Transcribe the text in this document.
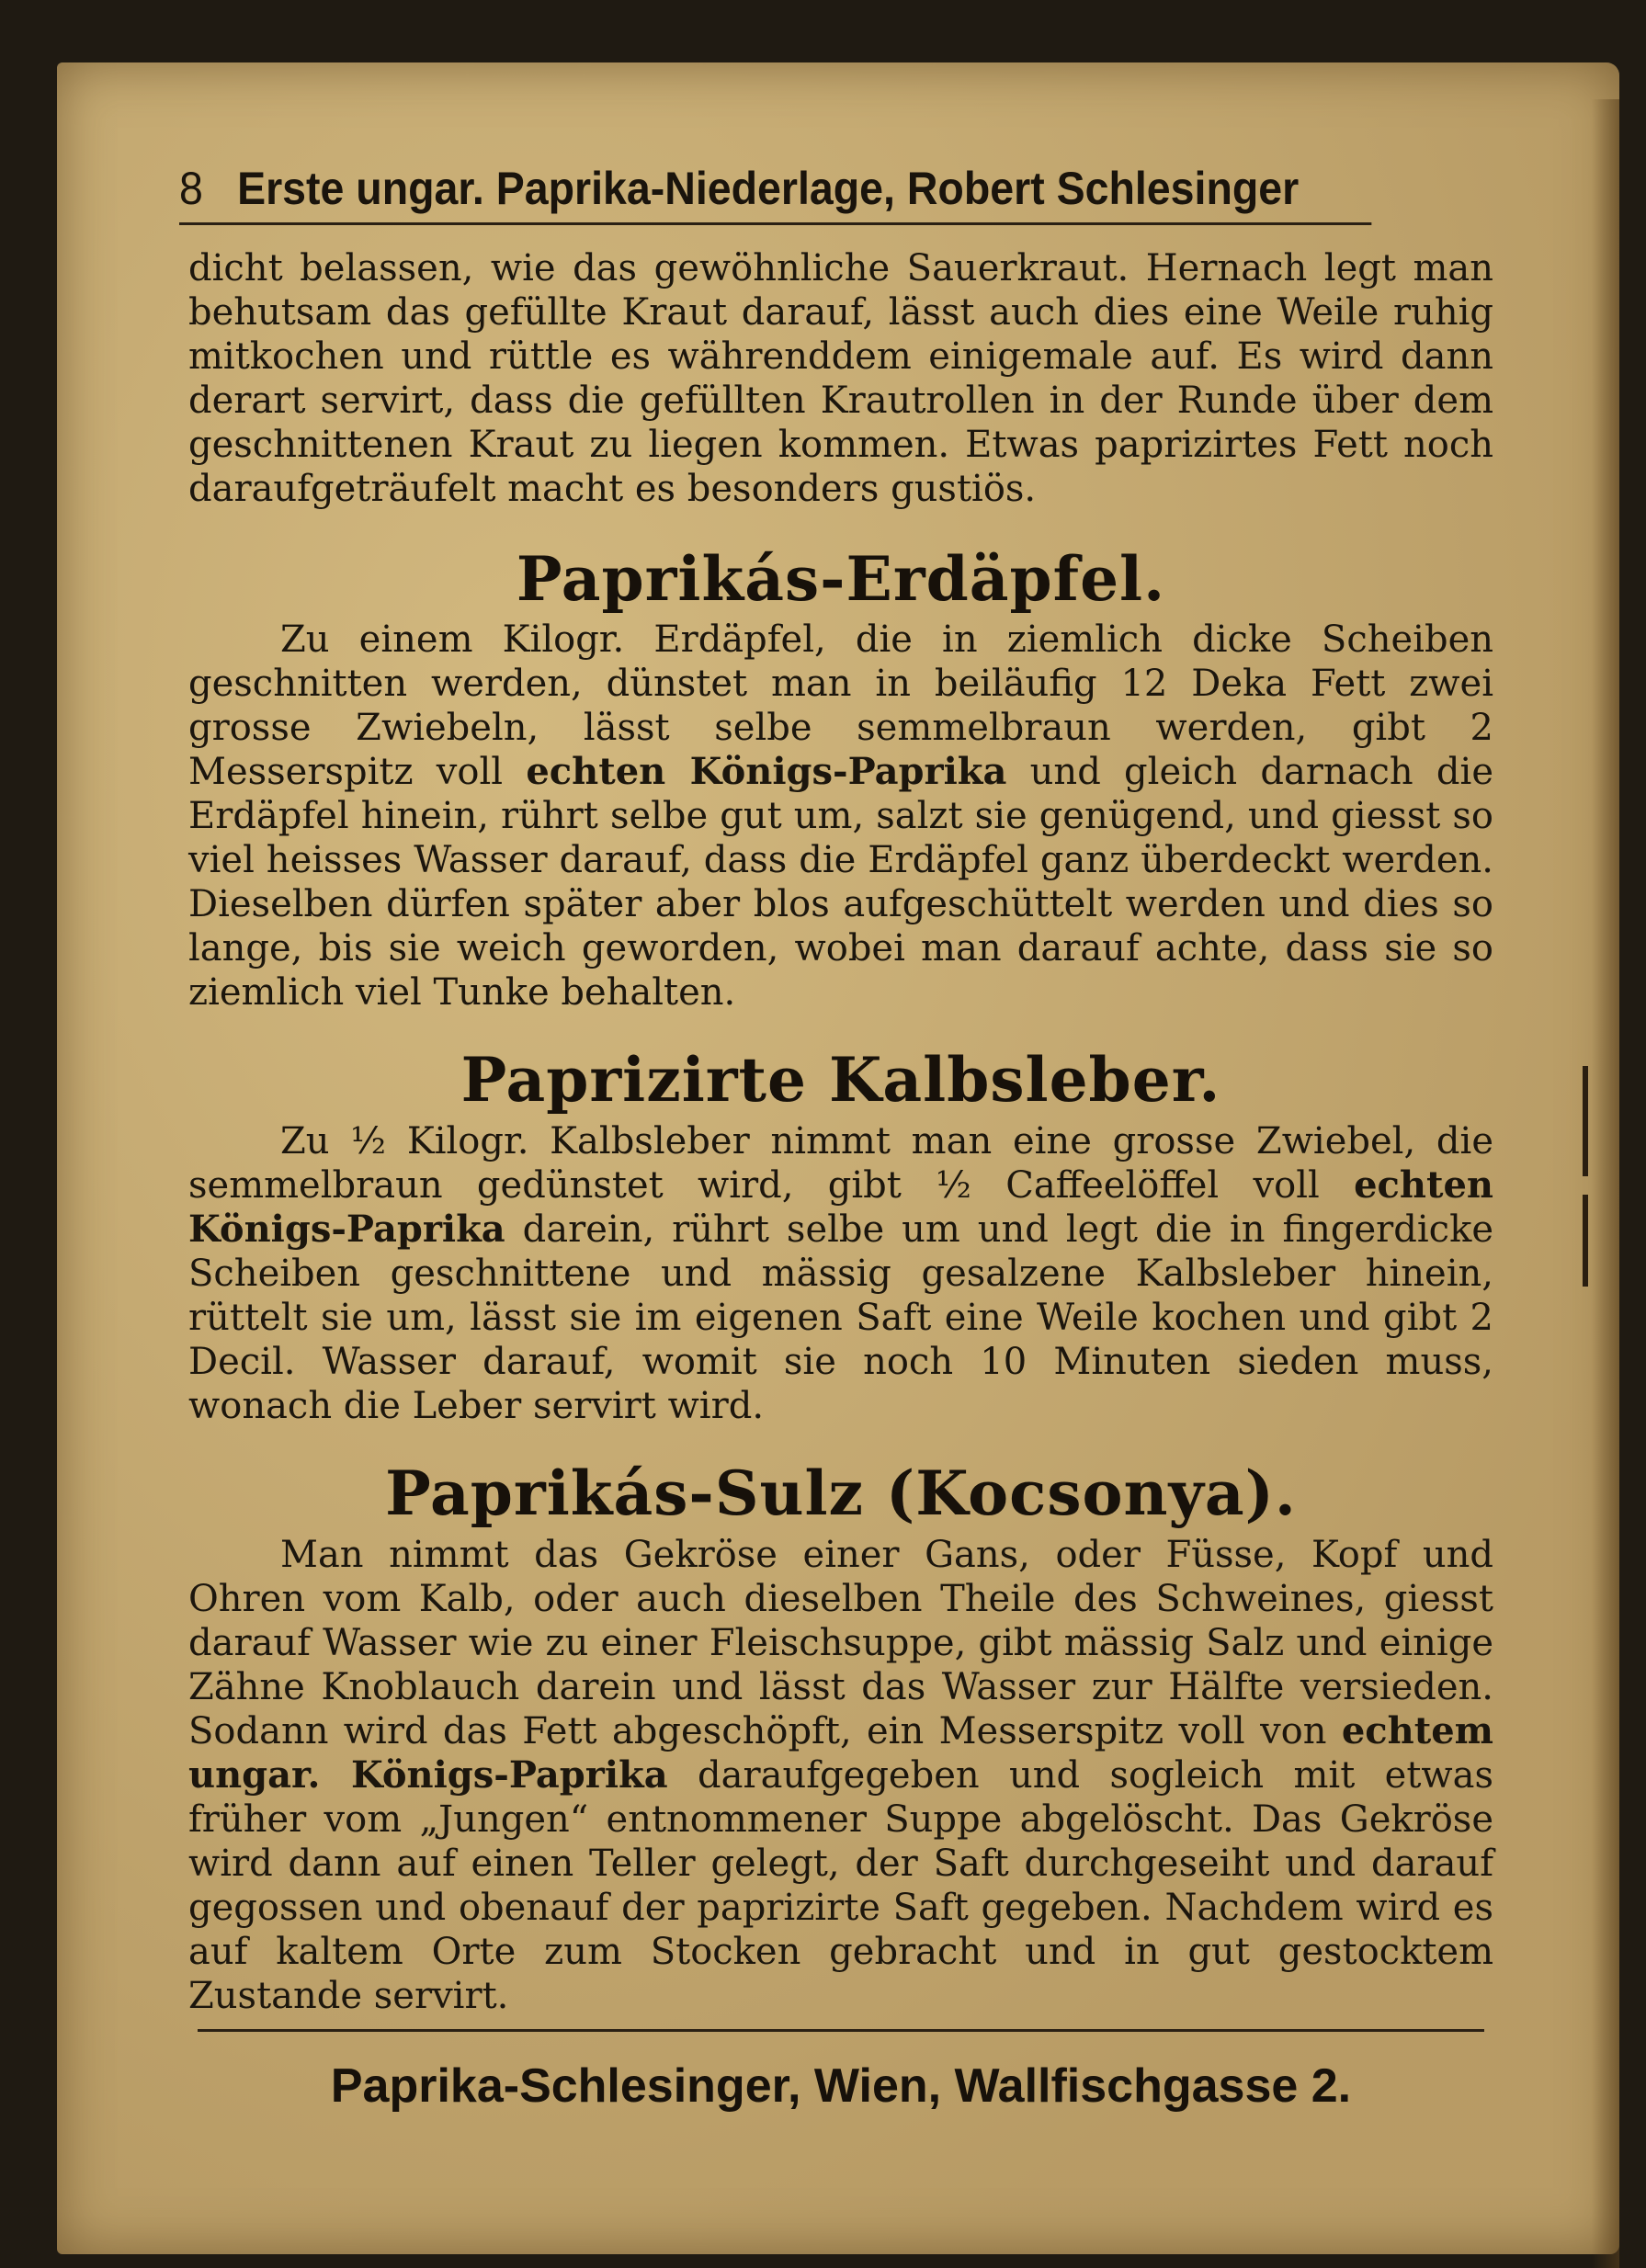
8 Erste ungar. Paprika-Niederlage, Robert Schlesinger

dicht belassen, wie das gewöhnliche Sauerkraut. Hernach legt man behutsam das gefüllte Kraut darauf, lässt auch dies eine Weile ruhig mitkochen und rüttle es währenddem einigemale auf. Es wird dann derart servirt, dass die gefüllten Krautrollen in der Runde über dem geschnittenen Kraut zu liegen kommen. Etwas paprizirtes Fett noch daraufgeträufelt macht es besonders gustiös.

Paprikás-Erdäpfel.

Zu einem Kilogr. Erdäpfel, die in ziemlich dicke Scheiben geschnitten werden, dünstet man in beiläufig 12 Deka Fett zwei grosse Zwiebeln, lässt selbe semmelbraun werden, gibt 2 Messerspitz voll echten Königs-Paprika und gleich darnach die Erdäpfel hinein, rührt selbe gut um, salzt sie genügend, und giesst so viel heisses Wasser darauf, dass die Erdäpfel ganz überdeckt werden. Dieselben dürfen später aber blos aufgeschüttelt werden und dies so lange, bis sie weich geworden, wobei man darauf achte, dass sie so ziemlich viel Tunke behalten.

Paprizirte Kalbsleber.

Zu ½ Kilogr. Kalbsleber nimmt man eine grosse Zwiebel, die semmelbraun gedünstet wird, gibt ½ Caffeelöffel voll echten Königs-Paprika darein, rührt selbe um und legt die in fingerdicke Scheiben geschnittene und mässig gesalzene Kalbsleber hinein, rüttelt sie um, lässt sie im eigenen Saft eine Weile kochen und gibt 2 Decil. Wasser darauf, womit sie noch 10 Minuten sieden muss, wonach die Leber servirt wird.

Paprikás-Sulz (Kocsonya).

Man nimmt das Gekröse einer Gans, oder Füsse, Kopf und Ohren vom Kalb, oder auch dieselben Theile des Schweines, giesst darauf Wasser wie zu einer Fleischsuppe, gibt mässig Salz und einige Zähne Knoblauch darein und lässt das Wasser zur Hälfte versieden. Sodann wird das Fett abgeschöpft, ein Messerspitz voll von echtem ungar. Königs-Paprika daraufgegeben und sogleich mit etwas früher vom „Jungen“ entnommener Suppe abgelöscht. Das Gekröse wird dann auf einen Teller gelegt, der Saft durchgeseiht und darauf gegossen und obenauf der paprizirte Saft gegeben. Nachdem wird es auf kaltem Orte zum Stocken gebracht und in gut gestocktem Zustande servirt.

Paprika-Schlesinger, Wien, Wallfischgasse 2.
